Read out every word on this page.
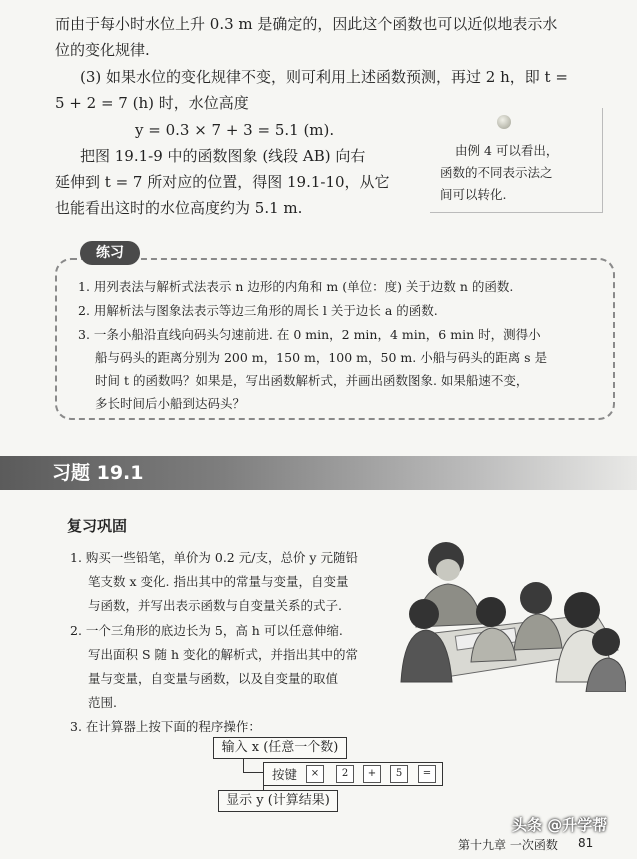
而由于每小时水位上升 0.3 m 是确定的，因此这个函数也可以近似地表示水
位的变化规律.
(3) 如果水位的变化规律不变，则可利用上述函数预测，再过 2 h，即 t =
5 + 2 = 7 (h) 时，水位高度
y = 0.3 × 7 + 3 = 5.1 (m).
把图 19.1-9 中的函数图象 (线段 AB) 向右
延伸到 t = 7 所对应的位置，得图 19.1-10，从它
也能看出这时的水位高度约为 5.1 m.
由例 4 可以看出，
函数的不同表示法之
间可以转化.
练习
1. 用列表法与解析式法表示 n 边形的内角和 m (单位：度) 关于边数 n 的函数.
2. 用解析法与图象法表示等边三角形的周长 l 关于边长 a 的函数.
3. 一条小船沿直线向码头匀速前进. 在 0 min，2 min，4 min，6 min 时，测得小
船与码头的距离分别为 200 m，150 m，100 m，50 m. 小船与码头的距离 s 是
时间 t 的函数吗？如果是，写出函数解析式，并画出函数图象. 如果船速不变，
多长时间后小船到达码头？
习题 19.1
复习巩固
1. 购买一些铅笔，单价为 0.2 元/支，总价 y 元随铅
笔支数 x 变化. 指出其中的常量与变量，自变量
与函数，并写出表示函数与自变量关系的式子.
2. 一个三角形的底边长为 5，高 h 可以任意伸缩.
写出面积 S 随 h 变化的解析式，并指出其中的常
量与变量，自变量与函数，以及自变量的取值
范围.
3. 在计算器上按下面的程序操作：
输入 x (任意一个数)
按键	×	2	+	5	=
显示 y (计算结果)
第十九章 一次函数 81
头条 @升学帮
